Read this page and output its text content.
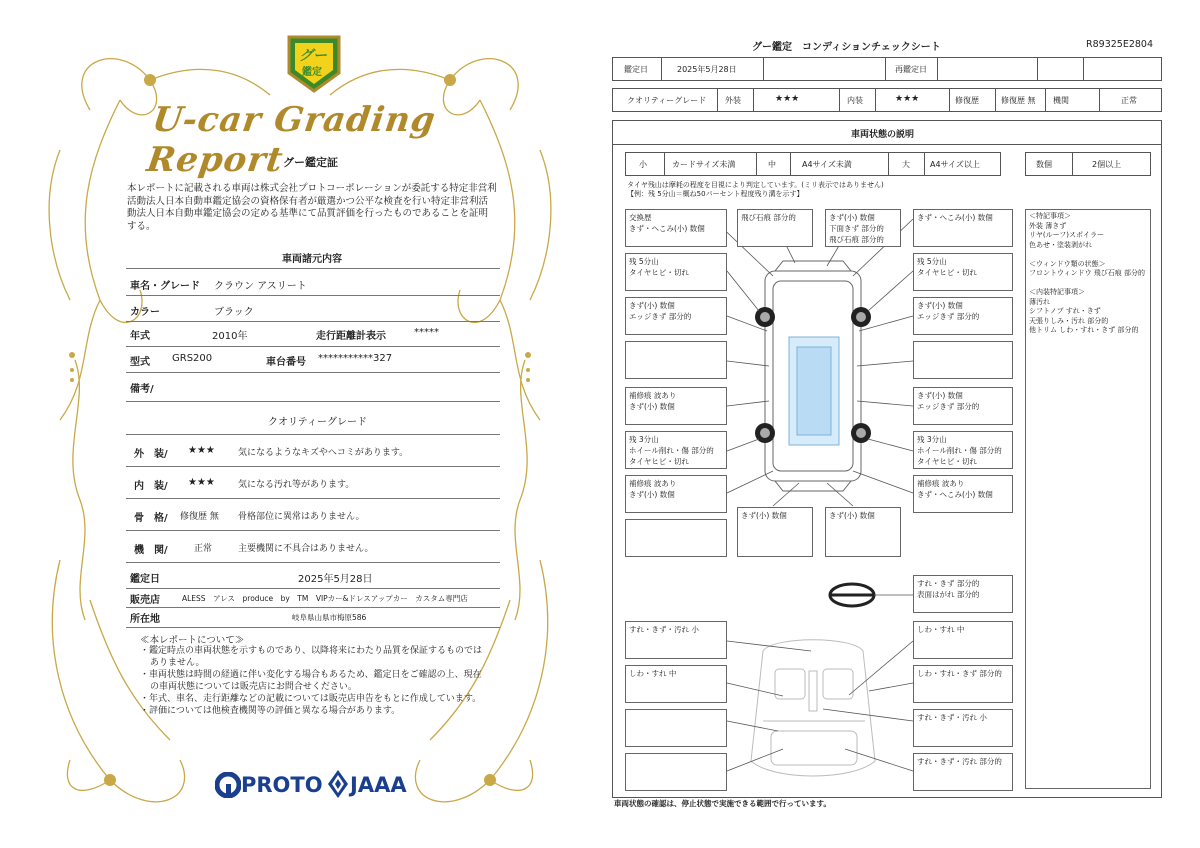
グー
鑑定
U-car Grading Report
グー鑑定証
本レポートに記載される車両は株式会社プロトコーポレーションが委託する特定非営利活動法人日本自動車鑑定協会の資格保有者が厳選かつ公平な検査を行い特定非営利活動法人日本自動車鑑定協会の定める基準にて品質評価を行ったものであることを証明する。
車両諸元内容
車名・グレード クラウン アスリート
カラー	ブラック
年式	2010年	走行距離計表示	*****
型式 GRS200	車台番号 ***********327
備考/
クオリティーグレード
外　装/ ★★★	気になるようなキズやヘコミがあります。
内　装/ ★★★	気になる汚れ等があります。
骨　格/ 修復歴 無 骨格部位に異常はありません。
機　関/	正常	主要機関に不具合はありません。
鑑定日	2025年5月28日
販売店	ALESS　アレス　produce　by　TM　VIPカー&ドレスアップカー　カスタム専門店
所在地	岐阜県山県市梅原586
≪本レポートについて≫
・鑑定時点の車両状態を示すものであり、以降将来にわたり品質を保証するものではありません。
・車両状態は時間の経過に伴い変化する場合もあるため、鑑定日をご確認の上、現在の車両状態については販売店にお問合せください。
・年式、車名、走行距離などの記載については販売店申告をもとに作成しています。
・評価については他検査機関等の評価と異なる場合があります。
PROTO JAAA
グー鑑定　コンディションチェックシート	R89325E2804
鑑定日	2025年5月28日	再鑑定日
クオリティーグレード 外装	★★★	内装	★★★	修復歴	修復歴 無 機関	正常
車両状態の説明
小	カードサイズ未満	中	A4サイズ未満	大	A4サイズ以上	数個	2個以上
タイヤ残山は摩耗の程度を目視により判定しています。(ミリ表示ではありません)
【例：残 5分山＝概ね50パーセント程度残り溝を示す】
交換歴
きず・へこみ(小) 数個
飛び石痕 部分的	きず(小) 数個
下面きず 部分的
飛び石痕 部分的
きず・へこみ(小) 数個
残 5分山
タイヤヒビ・切れ
残 5分山
タイヤヒビ・切れ
きず(小) 数個
エッジきず 部分的
きず(小) 数個
エッジきず 部分的
補修痕 波あり
きず(小) 数個
きず(小) 数個
エッジきず 部分的
残 3分山
ホイール削れ・傷 部分的
タイヤヒビ・切れ
残 3分山
ホイール削れ・傷 部分的
タイヤヒビ・切れ
補修痕 波あり
きず(小) 数個
補修痕 波あり
きず・へこみ(小) 数個
きず(小) 数個	きず(小) 数個
すれ・きず 部分的
表面はがれ 部分的
すれ・きず・汚れ 小	しわ・すれ 中
しわ・すれ 中	しわ・すれ・きず 部分的
すれ・きず・汚れ 小
すれ・きず・汚れ 部分的
＜特記事項＞
外装 薄きず
リヤ(ルーフ)スポイラー
色あせ・塗装剥がれ

＜ウィンドウ類の状態＞
フロントウィンドウ 飛び石痕 部分的

＜内装特記事項＞
薄汚れ
シフトノブ すれ・きず
天張りしみ・汚れ 部分的
他トリム しわ・すれ・きず 部分的
車両状態の確認は、停止状態で実施できる範囲で行っています。
